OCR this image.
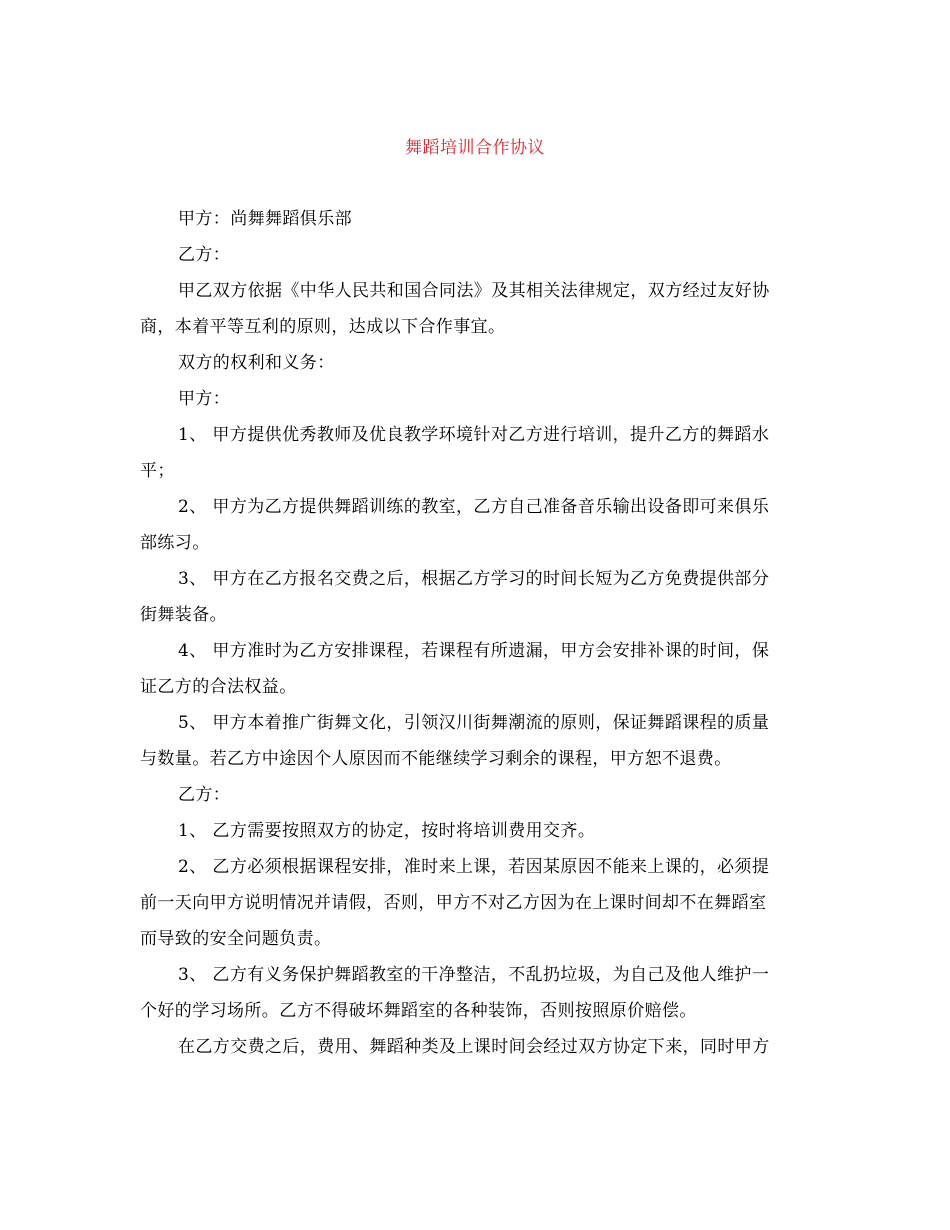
舞蹈培训合作协议
甲方：尚舞舞蹈俱乐部
乙方：
甲乙双方依据《中华人民共和国合同法》及其相关法律规定，双方经过友好协
商，本着平等互利的原则，达成以下合作事宜。
双方的权利和义务：
甲方：
1、 甲方提供优秀教师及优良教学环境针对乙方进行培训，提升乙方的舞蹈水
平；
2、 甲方为乙方提供舞蹈训练的教室，乙方自己准备音乐输出设备即可来俱乐
部练习。
3、 甲方在乙方报名交费之后，根据乙方学习的时间长短为乙方免费提供部分
街舞装备。
4、 甲方准时为乙方安排课程，若课程有所遗漏，甲方会安排补课的时间，保
证乙方的合法权益。
5、 甲方本着推广街舞文化，引领汉川街舞潮流的原则，保证舞蹈课程的质量
与数量。若乙方中途因个人原因而不能继续学习剩余的课程，甲方恕不退费。
乙方：
1、 乙方需要按照双方的协定，按时将培训费用交齐。
2、 乙方必须根据课程安排，准时来上课，若因某原因不能来上课的，必须提
前一天向甲方说明情况并请假，否则，甲方不对乙方因为在上课时间却不在舞蹈室
而导致的安全问题负责。
3、 乙方有义务保护舞蹈教室的干净整洁，不乱扔垃圾，为自己及他人维护一
个好的学习场所。乙方不得破坏舞蹈室的各种装饰，否则按照原价赔偿。
在乙方交费之后，费用、舞蹈种类及上课时间会经过双方协定下来，同时甲方
